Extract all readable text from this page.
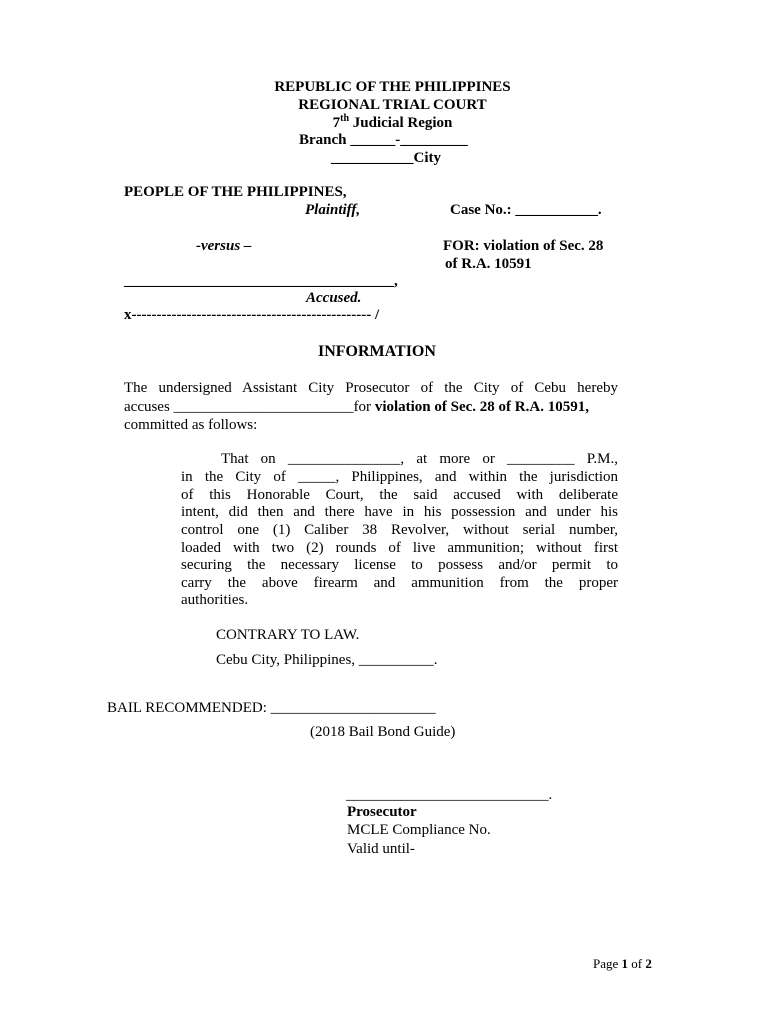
REPUBLIC OF THE PHILIPPINES
REGIONAL TRIAL COURT
7th Judicial Region
Branch ______-_________
___________City
PEOPLE OF THE PHILIPPINES,
Plaintiff,	Case No.: ___________.
-versus –	FOR: violation of Sec. 28
of R.A. 10591
____________________________________,
Accused.
x------------------------------------------------ /
INFORMATION
The undersigned Assistant City Prosecutor of the City of Cebu hereby
accuses ________________________for violation of Sec. 28 of R.A. 10591,
committed as follows:
That on _______________, at more or _________ P.M.,
in the City of _____, Philippines, and within the jurisdiction
of this Honorable Court, the said accused with deliberate
intent, did then and there have in his possession and under his
control one (1) Caliber 38 Revolver, without serial number,
loaded with two (2) rounds of live ammunition; without first
securing the necessary license to possess and/or permit to
carry the above firearm and ammunition from the proper
authorities.
CONTRARY TO LAW.
Cebu City, Philippines, __________.
BAIL RECOMMENDED: ______________________
(2018 Bail Bond Guide)
___________________________.
Prosecutor
MCLE Compliance No.
Valid until-
Page 1 of 2
